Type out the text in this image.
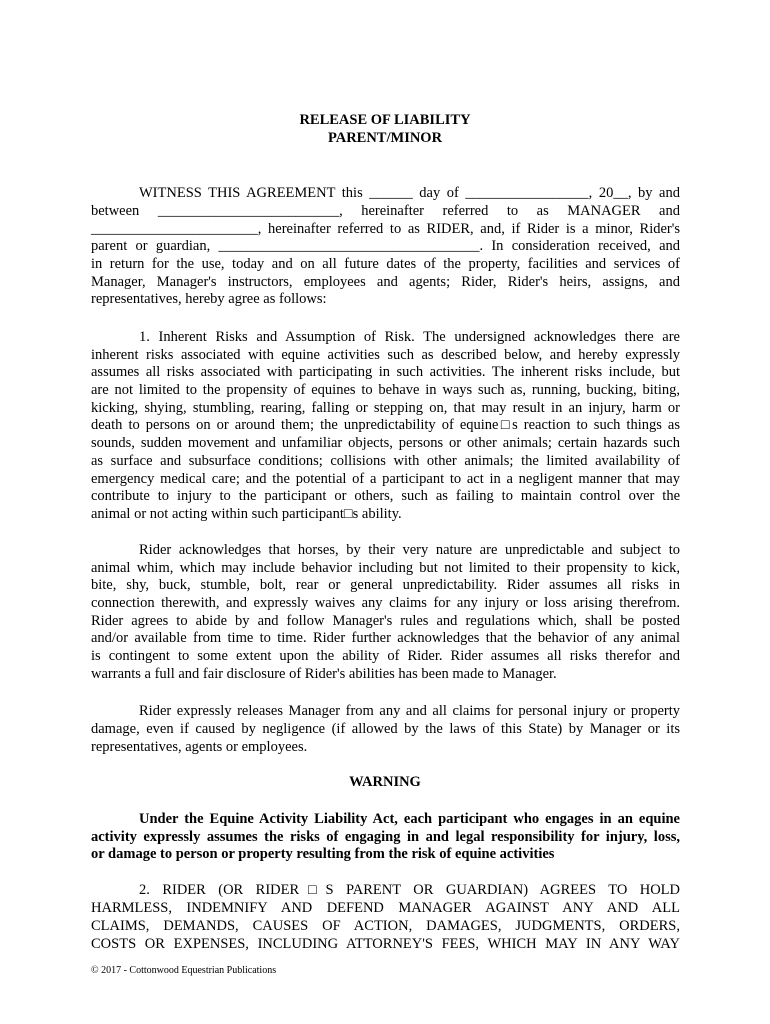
RELEASE OF LIABILITY
PARENT/MINOR
WITNESS THIS AGREEMENT this ______ day of _________________, 20__, by and
between _________________________, hereinafter referred to as MANAGER and
_______________________, hereinafter referred to as RIDER, and, if Rider is a minor, Rider's
parent or guardian, ____________________________________. In consideration received, and
in return for the use, today and on all future dates of the property, facilities and services of
Manager, Manager's instructors, employees and agents; Rider, Rider's heirs, assigns, and
representatives, hereby agree as follows:
1. Inherent Risks and Assumption of Risk. The undersigned acknowledges there are
inherent risks associated with equine activities such as described below, and hereby expressly
assumes all risks associated with participating in such activities. The inherent risks include, but
are not limited to the propensity of equines to behave in ways such as, running, bucking, biting,
kicking, shying, stumbling, rearing, falling or stepping on, that may result in an injury, harm or
death to persons on or around them; the unpredictability of equine□s reaction to such things as
sounds, sudden movement and unfamiliar objects, persons or other animals; certain hazards such
as surface and subsurface conditions; collisions with other animals; the limited availability of
emergency medical care; and the potential of a participant to act in a negligent manner that may
contribute to injury to the participant or others, such as failing to maintain control over the
animal or not acting within such participant□s ability.
Rider acknowledges that horses, by their very nature are unpredictable and subject to
animal whim, which may include behavior including but not limited to their propensity to kick,
bite, shy, buck, stumble, bolt, rear or general unpredictability. Rider assumes all risks in
connection therewith, and expressly waives any claims for any injury or loss arising therefrom.
Rider agrees to abide by and follow Manager's rules and regulations which, shall be posted
and/or available from time to time. Rider further acknowledges that the behavior of any animal
is contingent to some extent upon the ability of Rider. Rider assumes all risks therefor and
warrants a full and fair disclosure of Rider's abilities has been made to Manager.
Rider expressly releases Manager from any and all claims for personal injury or property
damage, even if caused by negligence (if allowed by the laws of this State) by Manager or its
representatives, agents or employees.
WARNING
Under the Equine Activity Liability Act, each participant who engages in an equine
activity expressly assumes the risks of engaging in and legal responsibility for injury, loss,
or damage to person or property resulting from the risk of equine activities
2. RIDER (OR RIDER□S PARENT OR GUARDIAN) AGREES TO HOLD
HARMLESS, INDEMNIFY AND DEFEND MANAGER AGAINST ANY AND ALL
CLAIMS, DEMANDS, CAUSES OF ACTION, DAMAGES, JUDGMENTS, ORDERS,
COSTS OR EXPENSES, INCLUDING ATTORNEY'S FEES, WHICH MAY IN ANY WAY
© 2017 - Cottonwood Equestrian Publications
